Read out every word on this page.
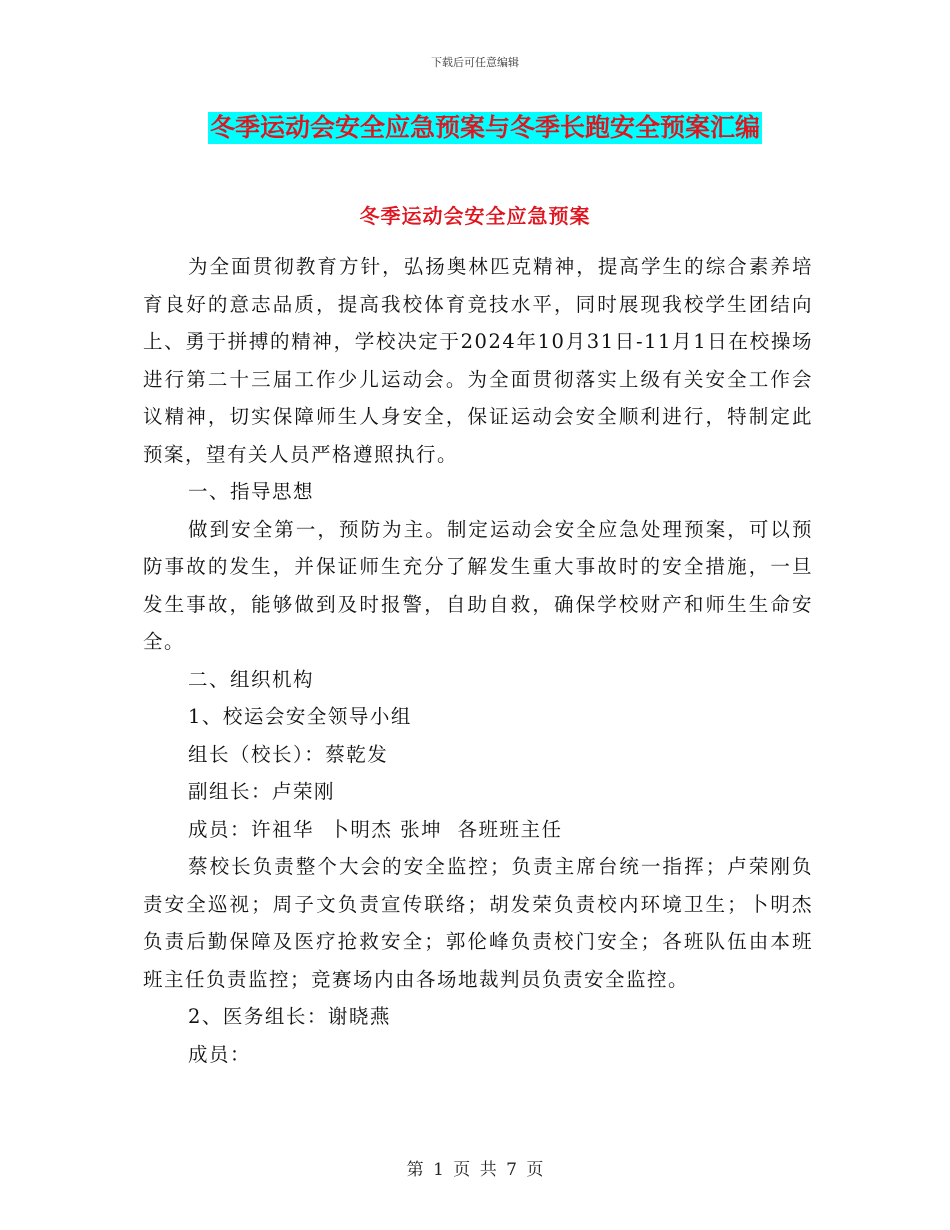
下载后可任意编辑
冬季运动会安全应急预案与冬季长跑安全预案汇编
冬季运动会安全应急预案

为全面贯彻教育方针，弘扬奥林匹克精神，提高学生的综合素养培育良好的意志品质，提高我校体育竞技水平，同时展现我校学生团结向上、勇于拼搏的精神，学校决定于2024年10月31日-11月1日在校操场进行第二十三届工作少儿运动会。为全面贯彻落实上级有关安全工作会议精神，切实保障师生人身安全，保证运动会安全顺利进行，特制定此预案，望有关人员严格遵照执行。

一、指导思想

做到安全第一，预防为主。制定运动会安全应急处理预案，可以预防事故的发生，并保证师生充分了解发生重大事故时的安全措施，一旦发生事故，能够做到及时报警，自助自救，确保学校财产和师生生命安全。

二、组织机构

1、校运会安全领导小组

组长（校长）：蔡乾发

副组长：卢荣刚

成员：许祖华  卜明杰 张坤  各班班主任

蔡校长负责整个大会的安全监控；负责主席台统一指挥；卢荣刚负责安全巡视；周子文负责宣传联络；胡发荣负责校内环境卫生；卜明杰负责后勤保障及医疗抢救安全；郭伦峰负责校门安全；各班队伍由本班班主任负责监控；竞赛场内由各场地裁判员负责安全监控。

2、医务组长：谢晓燕

成员：

第 1 页 共 7 页
